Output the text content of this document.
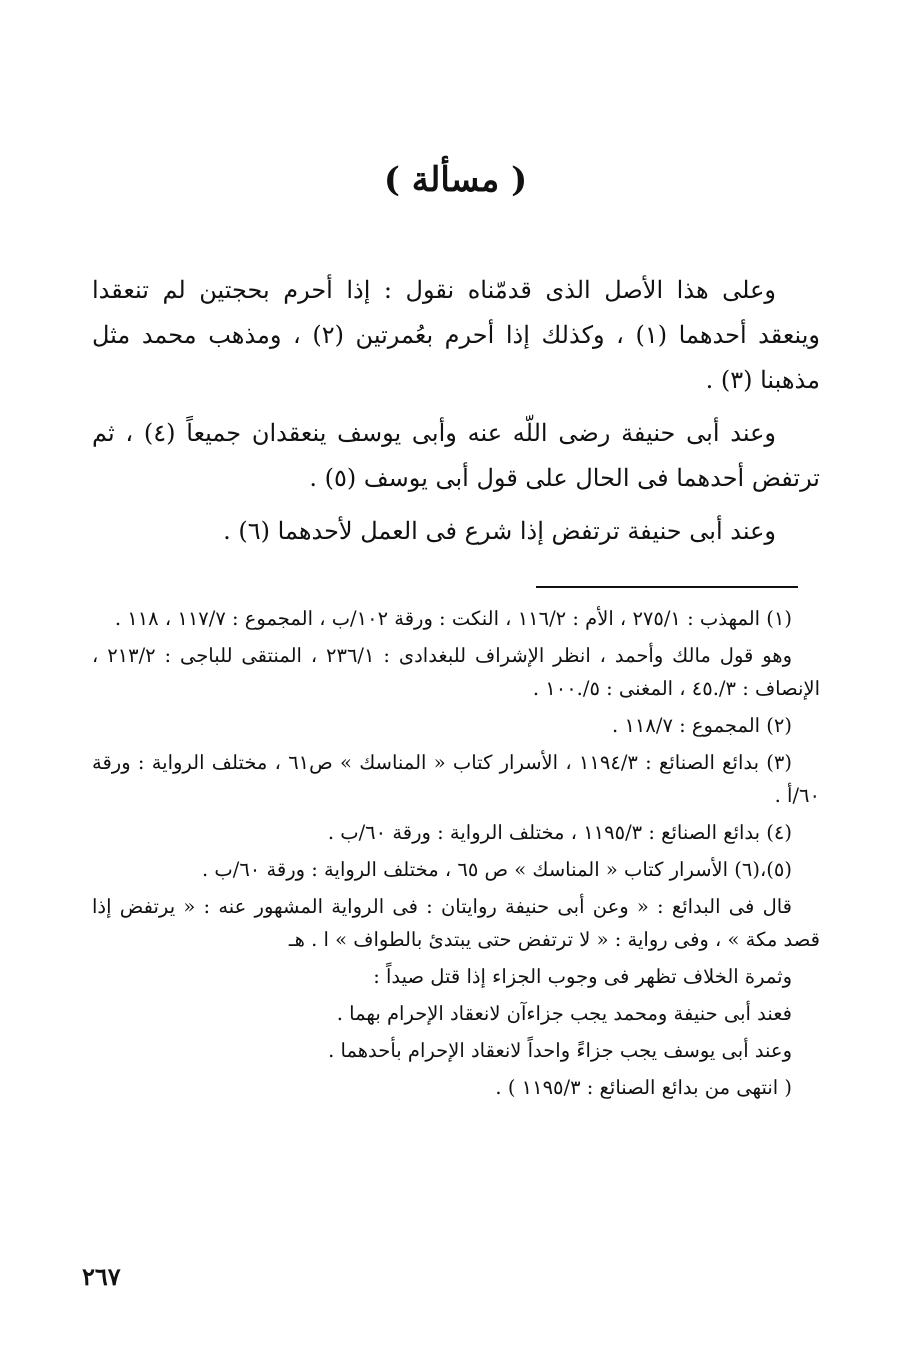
( مسألة )

وعلى هذا الأصل الذى قدمّناه نقول : إذا أحرم بحجتين لم تنعقدا وينعقد أحدهما (١) ، وكذلك إذا أحرم بعُمرتين (٢) ، ومذهب محمد مثل مذهبنا (٣) .

وعند أبى حنيفة رضى اللّه عنه وأبى يوسف ينعقدان جميعاً (٤) ، ثم ترتفض أحدهما فى الحال على قول أبى يوسف (٥) .

وعند أبى حنيفة ترتفض إذا شرع فى العمل لأحدهما (٦) .

(١) المهذب : ٢٧٥/١ ، الأم : ١١٦/٢ ، النكت : ورقة ١٠٢/ب ، المجموع : ١١٧/٧ ، ١١٨ .

وهو قول مالك وأحمد ، انظر الإشراف للبغدادى : ٢٣٦/١ ، المنتقى للباجى : ٢١٣/٢ ، الإنصاف : ٣/.٤٥ ، المغنى : ٥/.١٠٠ .

(٢) المجموع : ١١٨/٧ .

(٣) بدائع الصنائع : ١١٩٤/٣ ، الأسرار كتاب « المناسك » ص٦١ ، مختلف الرواية : ورقة ٦٠/أ .

(٤) بدائع الصنائع : ١١٩٥/٣ ، مختلف الرواية : ورقة ٦٠/ب .

(٥)،(٦) الأسرار كتاب « المناسك » ص ٦٥ ، مختلف الرواية : ورقة ٦٠/ب .

قال فى البدائع : « وعن أبى حنيفة روايتان : فى الرواية المشهور عنه : « يرتفض إذا قصد مكة » ، وفى رواية : « لا ترتفض حتى يبتدئ بالطواف » ا . هـ

وثمرة الخلاف تظهر فى وجوب الجزاء إذا قتل صيداً :

فعند أبى حنيفة ومحمد يجب جزاءآن لانعقاد الإحرام بهما .

وعند أبى يوسف يجب جزاءً واحداً لانعقاد الإحرام بأحدهما .

( انتهى من بدائع الصنائع : ١١٩٥/٣ ) .

٢٦٧
